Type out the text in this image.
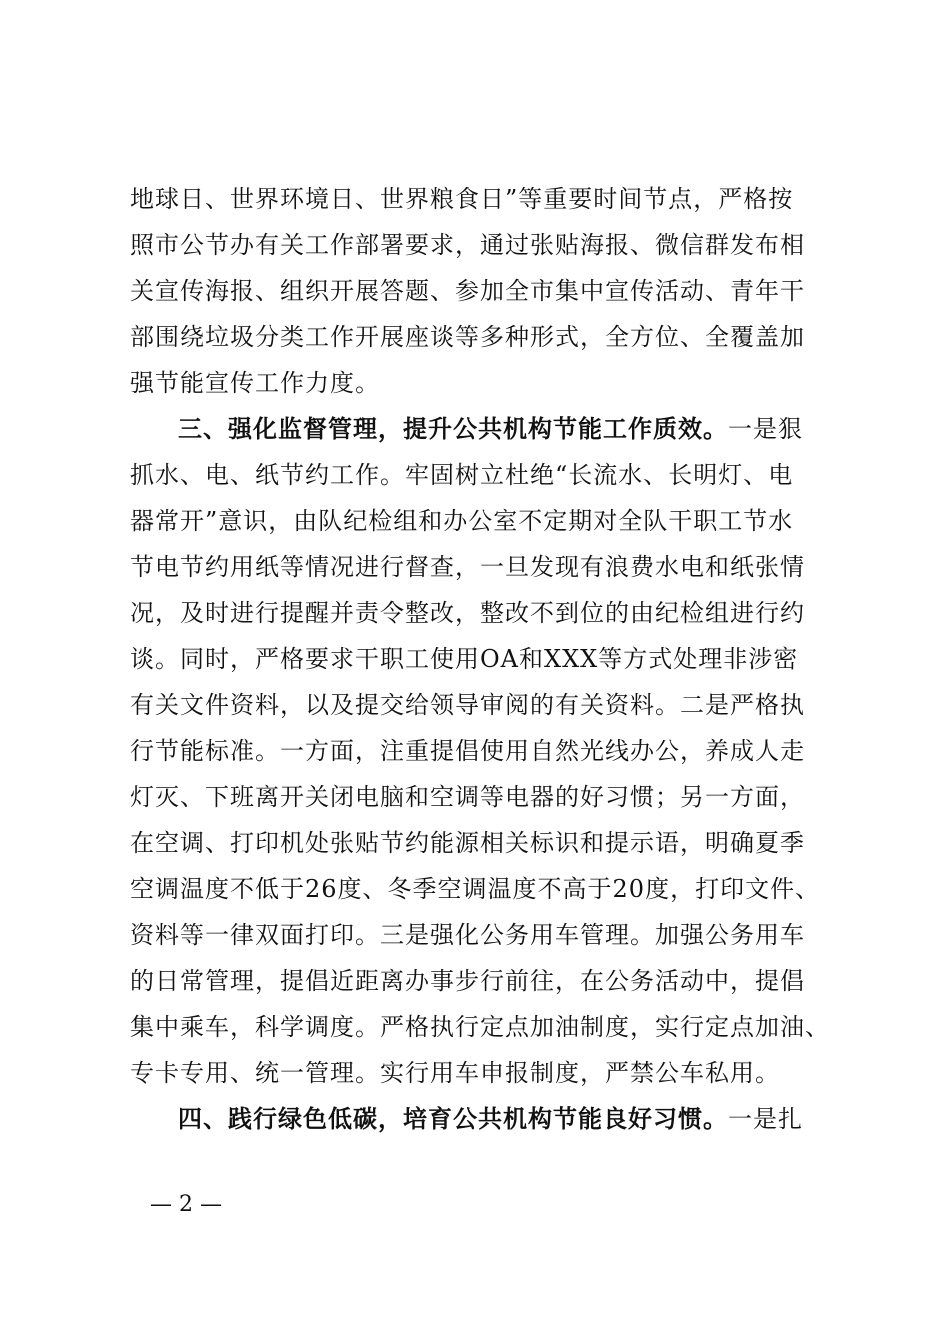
地球日、世界环境日、世界粮食日”等重要时间节点，严格按
照市公节办有关工作部署要求，通过张贴海报、微信群发布相
关宣传海报、组织开展答题、参加全市集中宣传活动、青年干
部围绕垃圾分类工作开展座谈等多种形式，全方位、全覆盖加
强节能宣传工作力度。
三、强化监督管理，提升公共机构节能工作质效。一是狠
抓水、电、纸节约工作。牢固树立杜绝“长流水、长明灯、电
器常开”意识，由队纪检组和办公室不定期对全队干职工节水
节电节约用纸等情况进行督查，一旦发现有浪费水电和纸张情
况，及时进行提醒并责令整改，整改不到位的由纪检组进行约
谈。同时，严格要求干职工使用OA和XXX等方式处理非涉密
有关文件资料，以及提交给领导审阅的有关资料。二是严格执
行节能标准。一方面，注重提倡使用自然光线办公，养成人走
灯灭、下班离开关闭电脑和空调等电器的好习惯；另一方面，
在空调、打印机处张贴节约能源相关标识和提示语，明确夏季
空调温度不低于26度、冬季空调温度不高于20度，打印文件、
资料等一律双面打印。三是强化公务用车管理。加强公务用车
的日常管理，提倡近距离办事步行前往，在公务活动中，提倡
集中乘车，科学调度。严格执行定点加油制度，实行定点加油、
专卡专用、统一管理。实行用车申报制度，严禁公车私用。
四、践行绿色低碳，培育公共机构节能良好习惯。一是扎
— 2 —
